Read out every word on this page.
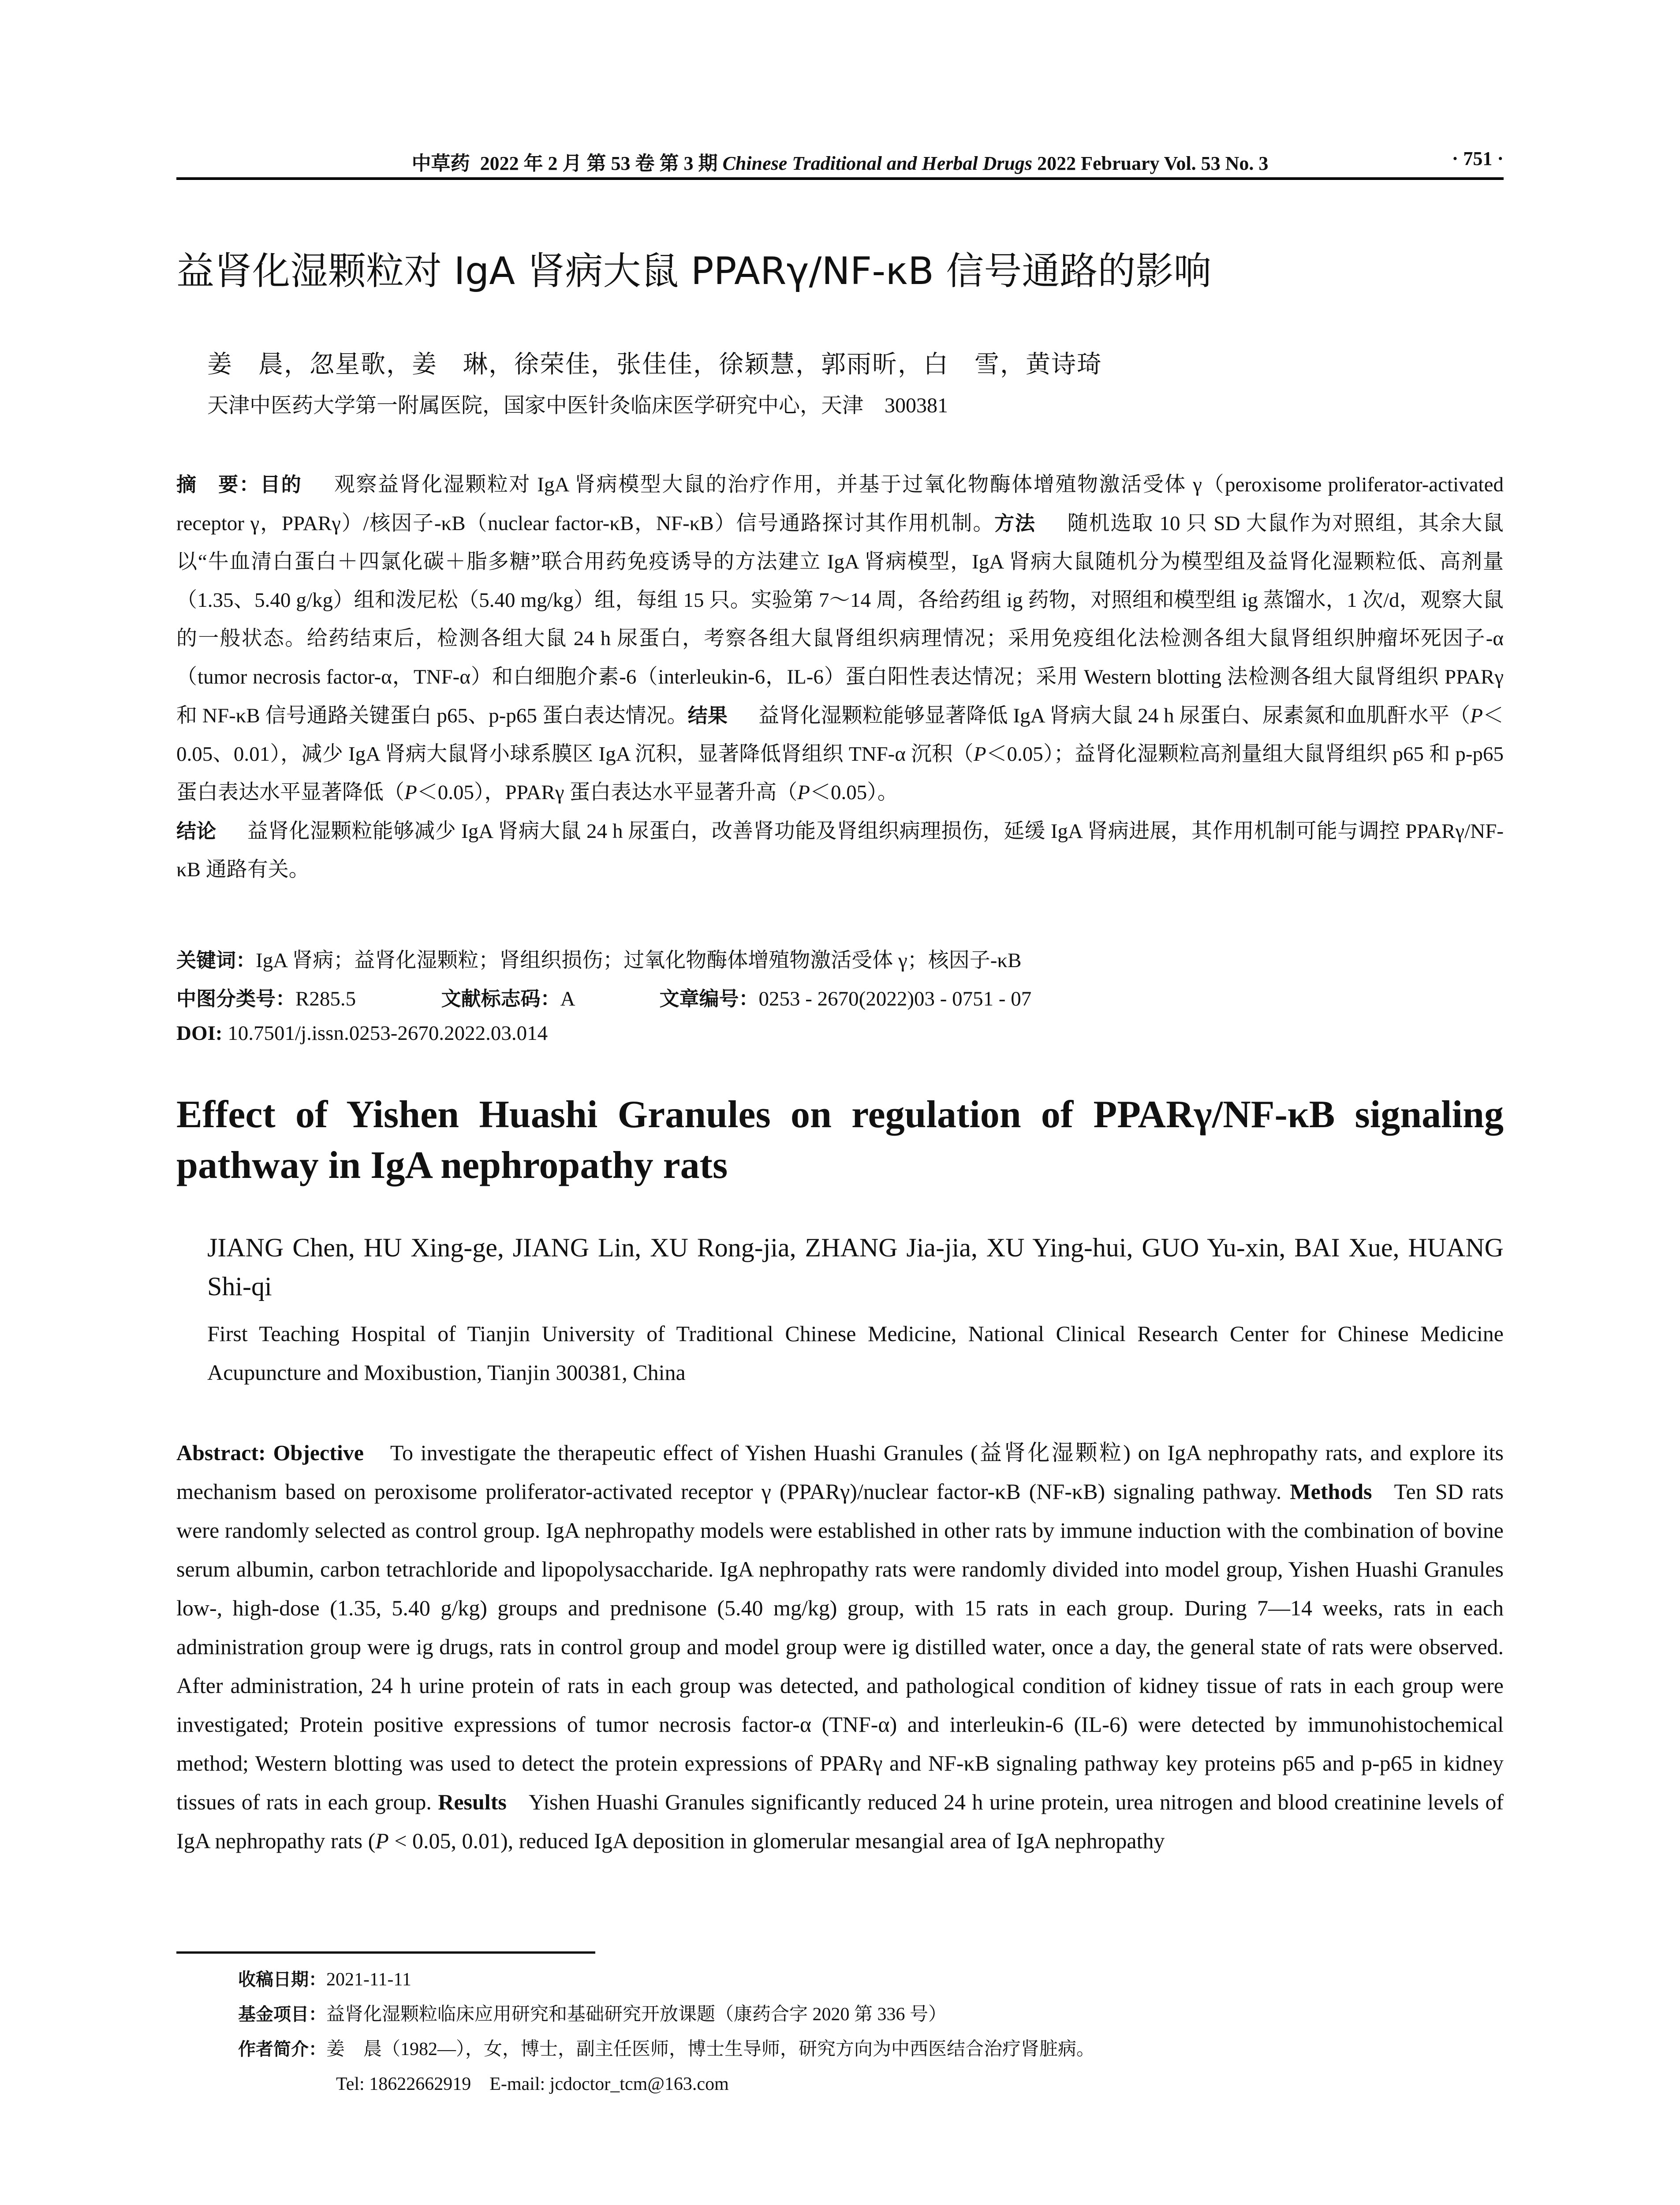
中草药 2022 年 2 月 第 53 卷 第 3 期 Chinese Traditional and Herbal Drugs 2022 February Vol. 53 No. 3	· 751 ·
益肾化湿颗粒对 IgA 肾病大鼠 PPARγ/NF-κB 信号通路的影响
姜　晨，忽星歌，姜　琳，徐荣佳，张佳佳，徐颖慧，郭雨昕，白　雪，黄诗琦
天津中医药大学第一附属医院，国家中医针灸临床医学研究中心，天津　300381
摘　要：目的 观察益肾化湿颗粒对 IgA 肾病模型大鼠的治疗作用，并基于过氧化物酶体增殖物激活受体 γ（peroxisome proliferator-activated receptor γ，PPARγ）/核因子-κB（nuclear factor-κB，NF-κB）信号通路探讨其作用机制。方法 随机选取 10 只 SD 大鼠作为对照组，其余大鼠以“牛血清白蛋白＋四氯化碳＋脂多糖”联合用药免疫诱导的方法建立 IgA 肾病模型，IgA 肾病大鼠随机分为模型组及益肾化湿颗粒低、高剂量（1.35、5.40 g/kg）组和泼尼松（5.40 mg/kg）组，每组 15 只。实验第 7～14 周，各给药组 ig 药物，对照组和模型组 ig 蒸馏水，1 次/d，观察大鼠的一般状态。给药结束后，检测各组大鼠 24 h 尿蛋白，考察各组大鼠肾组织病理情况；采用免疫组化法检测各组大鼠肾组织肿瘤坏死因子-α（tumor necrosis factor-α，TNF-α）和白细胞介素-6（interleukin-6，IL-6）蛋白阳性表达情况；采用 Western blotting 法检测各组大鼠肾组织 PPARγ 和 NF-κB 信号通路关键蛋白 p65、p-p65 蛋白表达情况。结果 益肾化湿颗粒能够显著降低 IgA 肾病大鼠 24 h 尿蛋白、尿素氮和血肌酐水平（P＜0.05、0.01），减少 IgA 肾病大鼠肾小球系膜区 IgA 沉积，显著降低肾组织 TNF-α 沉积（P＜0.05）；益肾化湿颗粒高剂量组大鼠肾组织 p65 和 p-p65 蛋白表达水平显著降低（P＜0.05），PPARγ 蛋白表达水平显著升高（P＜0.05）。
结论 益肾化湿颗粒能够减少 IgA 肾病大鼠 24 h 尿蛋白，改善肾功能及肾组织病理损伤，延缓 IgA 肾病进展，其作用机制可能与调控 PPARγ/NF-κB 通路有关。
关键词：IgA 肾病；益肾化湿颗粒；肾组织损伤；过氧化物酶体增殖物激活受体 γ；核因子-κB
中图分类号：R285.5	文献标志码：A	文章编号：0253 - 2670(2022)03 - 0751 - 07
DOI: 10.7501/j.issn.0253-2670.2022.03.014
Effect of Yishen Huashi Granules on regulation of PPARγ/NF-κB signaling pathway in IgA nephropathy rats
JIANG Chen, HU Xing-ge, JIANG Lin, XU Rong-jia, ZHANG Jia-jia, XU Ying-hui, GUO Yu-xin, BAI Xue, HUANG Shi-qi
First Teaching Hospital of Tianjin University of Traditional Chinese Medicine, National Clinical Research Center for Chinese Medicine Acupuncture and Moxibustion, Tianjin 300381, China
Abstract: Objective To investigate the therapeutic effect of Yishen Huashi Granules (益肾化湿颗粒) on IgA nephropathy rats, and explore its mechanism based on peroxisome proliferator-activated receptor γ (PPARγ)/nuclear factor-κB (NF-κB) signaling pathway. Methods Ten SD rats were randomly selected as control group. IgA nephropathy models were established in other rats by immune induction with the combination of bovine serum albumin, carbon tetrachloride and lipopolysaccharide. IgA nephropathy rats were randomly divided into model group, Yishen Huashi Granules low-, high-dose (1.35, 5.40 g/kg) groups and prednisone (5.40 mg/kg) group, with 15 rats in each group. During 7—14 weeks, rats in each administration group were ig drugs, rats in control group and model group were ig distilled water, once a day, the general state of rats were observed. After administration, 24 h urine protein of rats in each group was detected, and pathological condition of kidney tissue of rats in each group were investigated; Protein positive expressions of tumor necrosis factor-α (TNF-α) and interleukin-6 (IL-6) were detected by immunohistochemical method; Western blotting was used to detect the protein expressions of PPARγ and NF-κB signaling pathway key proteins p65 and p-p65 in kidney tissues of rats in each group. Results Yishen Huashi Granules significantly reduced 24 h urine protein, urea nitrogen and blood creatinine levels of IgA nephropathy rats (P < 0.05, 0.01), reduced IgA deposition in glomerular mesangial area of IgA nephropathy
收稿日期：2021-11-11
基金项目：益肾化湿颗粒临床应用研究和基础研究开放课题（康药合字 2020 第 336 号）
作者简介：姜　晨（1982—），女，博士，副主任医师，博士生导师，研究方向为中西医结合治疗肾脏病。
Tel: 18622662919　E-mail: jcdoctor_tcm@163.com
